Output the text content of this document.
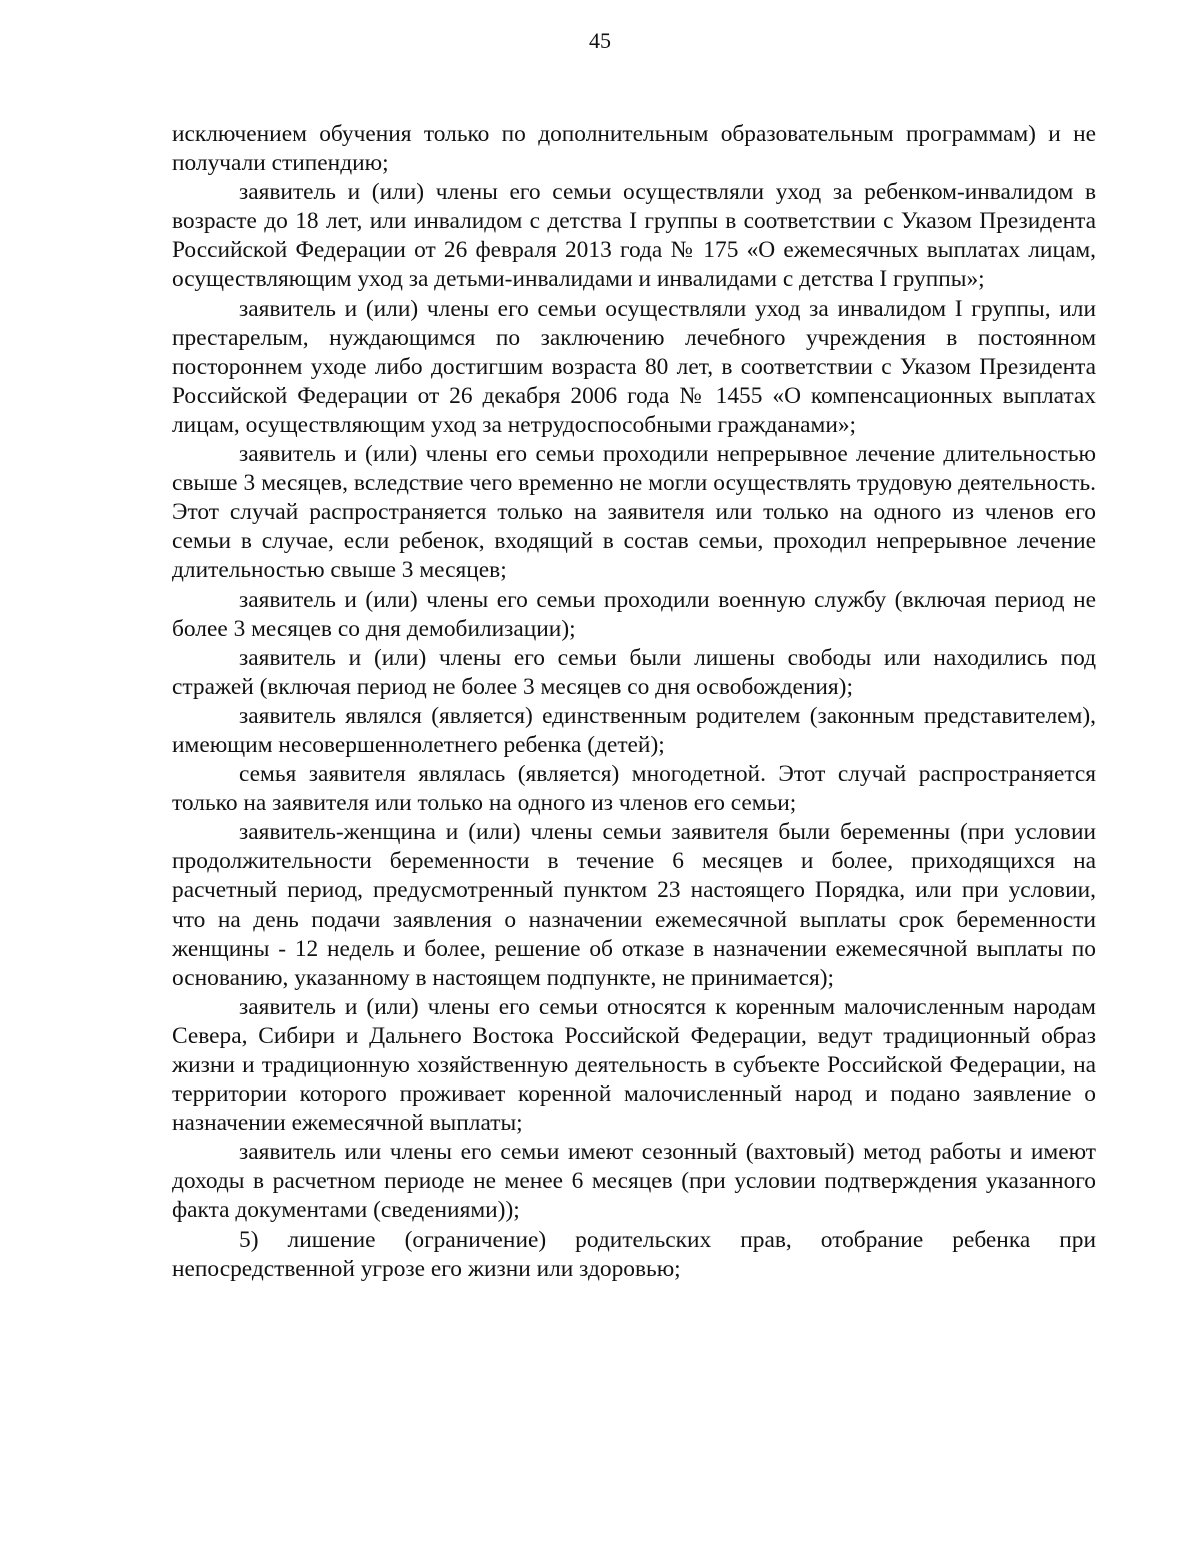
45

исключением обучения только по дополнительным образовательным программам) и не получали стипендию;

заявитель и (или) члены его семьи осуществляли уход за ребенком-инвалидом в возрасте до 18 лет, или инвалидом с детства I группы в соответствии с Указом Президента Российской Федерации от 26 февраля 2013 года № 175 «О ежемесячных выплатах лицам, осуществляющим уход за детьми-инвалидами и инвалидами с детства I группы»;

заявитель и (или) члены его семьи осуществляли уход за инвалидом I группы, или престарелым, нуждающимся по заключению лечебного учреждения в постоянном постороннем уходе либо достигшим возраста 80 лет, в соответствии с Указом Президента Российской Федерации от 26 декабря 2006 года № 1455 «О компенсационных выплатах лицам, осуществляющим уход за нетрудоспособными гражданами»;

заявитель и (или) члены его семьи проходили непрерывное лечение длительностью свыше 3 месяцев, вследствие чего временно не могли осуществлять трудовую деятельность. Этот случай распространяется только на заявителя или только на одного из членов его семьи в случае, если ребенок, входящий в состав семьи, проходил непрерывное лечение длительностью свыше 3 месяцев;

заявитель и (или) члены его семьи проходили военную службу (включая период не более 3 месяцев со дня демобилизации);

заявитель и (или) члены его семьи были лишены свободы или находились под стражей (включая период не более 3 месяцев со дня освобождения);

заявитель являлся (является) единственным родителем (законным представителем), имеющим несовершеннолетнего ребенка (детей);

семья заявителя являлась (является) многодетной. Этот случай распространяется только на заявителя или только на одного из членов его семьи;

заявитель-женщина и (или) члены семьи заявителя были беременны (при условии продолжительности беременности в течение 6 месяцев и более, приходящихся на расчетный период, предусмотренный пунктом 23 настоящего Порядка, или при условии, что на день подачи заявления о назначении ежемесячной выплаты срок беременности женщины - 12 недель и более, решение об отказе в назначении ежемесячной выплаты по основанию, указанному в настоящем подпункте, не принимается);

заявитель и (или) члены его семьи относятся к коренным малочисленным народам Севера, Сибири и Дальнего Востока Российской Федерации, ведут традиционный образ жизни и традиционную хозяйственную деятельность в субъекте Российской Федерации, на территории которого проживает коренной малочисленный народ и подано заявление о назначении ежемесячной выплаты;

заявитель или члены его семьи имеют сезонный (вахтовый) метод работы и имеют доходы в расчетном периоде не менее 6 месяцев (при условии подтверждения указанного факта документами (сведениями));

5) лишение (ограничение) родительских прав, отобрание ребенка при непосредственной угрозе его жизни или здоровью;
